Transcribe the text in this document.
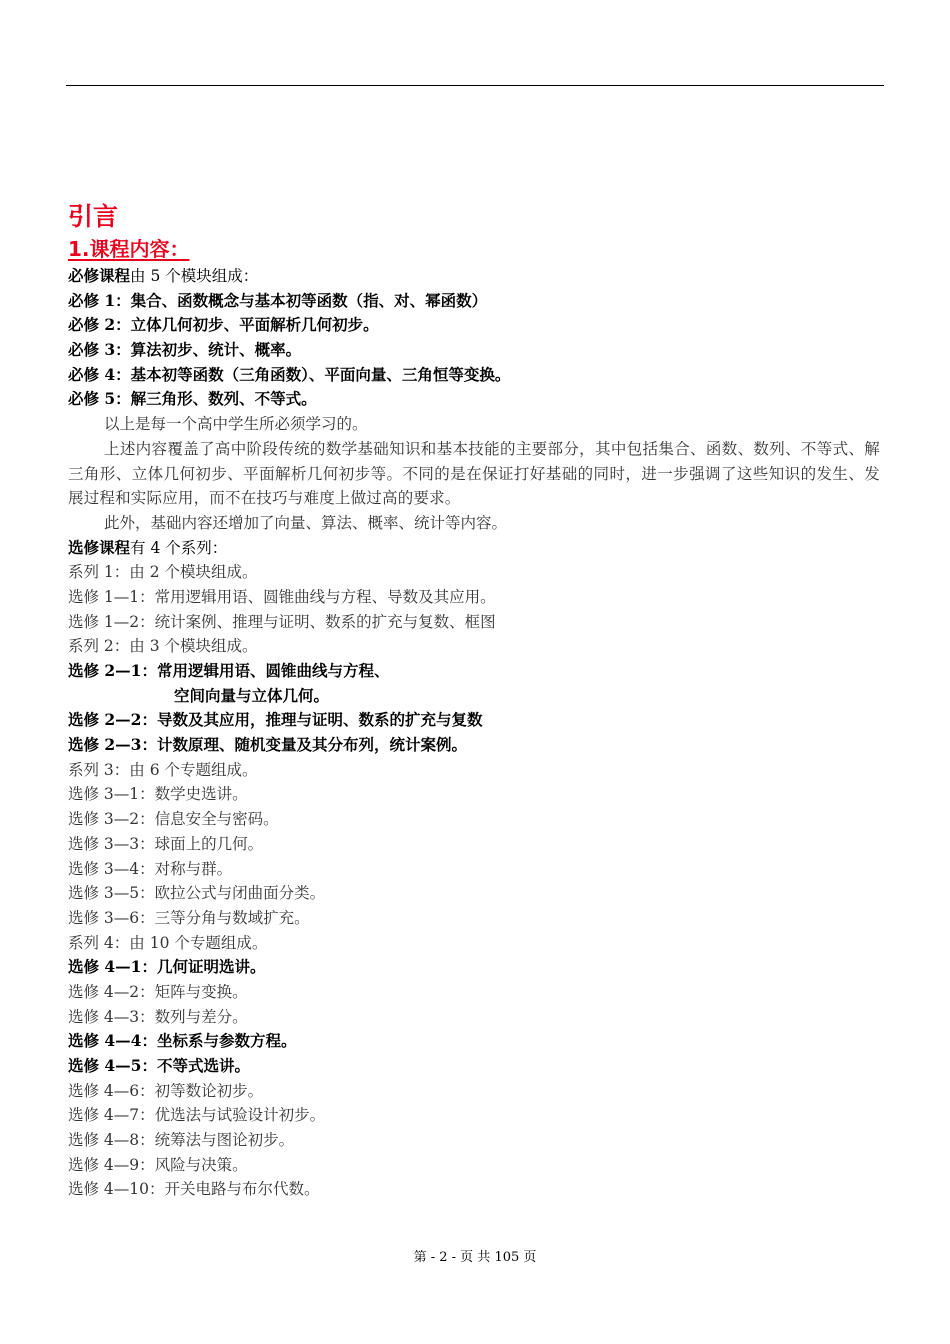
引言
1.课程内容：
必修课程由 5 个模块组成：
必修 1：集合、函数概念与基本初等函数（指、对、幂函数）
必修 2：立体几何初步、平面解析几何初步。
必修 3：算法初步、统计、概率。
必修 4：基本初等函数（三角函数）、平面向量、三角恒等变换。
必修 5：解三角形、数列、不等式。
以上是每一个高中学生所必须学习的。

上述内容覆盖了高中阶段传统的数学基础知识和基本技能的主要部分，其中包括集合、函数、数列、不等式、解三角形、立体几何初步、平面解析几何初步等。不同的是在保证打好基础的同时，进一步强调了这些知识的发生、发展过程和实际应用，而不在技巧与难度上做过高的要求。

此外，基础内容还增加了向量、算法、概率、统计等内容。
选修课程有 4 个系列：
系列 1：由 2 个模块组成。
选修 1—1：常用逻辑用语、圆锥曲线与方程、导数及其应用。
选修 1—2：统计案例、推理与证明、数系的扩充与复数、框图
系列 2：由 3 个模块组成。
选修 2—1：常用逻辑用语、圆锥曲线与方程、
空间向量与立体几何。
选修 2—2：导数及其应用，推理与证明、数系的扩充与复数
选修 2—3：计数原理、随机变量及其分布列，统计案例。
系列 3：由 6 个专题组成。
选修 3—1：数学史选讲。
选修 3—2：信息安全与密码。
选修 3—3：球面上的几何。
选修 3—4：对称与群。
选修 3—5：欧拉公式与闭曲面分类。
选修 3—6：三等分角与数域扩充。
系列 4：由 10 个专题组成。
选修 4—1：几何证明选讲。
选修 4—2：矩阵与变换。
选修 4—3：数列与差分。
选修 4—4：坐标系与参数方程。
选修 4—5：不等式选讲。
选修 4—6：初等数论初步。
选修 4—7：优选法与试验设计初步。
选修 4—8：统筹法与图论初步。
选修 4—9：风险与决策。
选修 4—10：开关电路与布尔代数。
第 - 2 - 页 共 105 页
